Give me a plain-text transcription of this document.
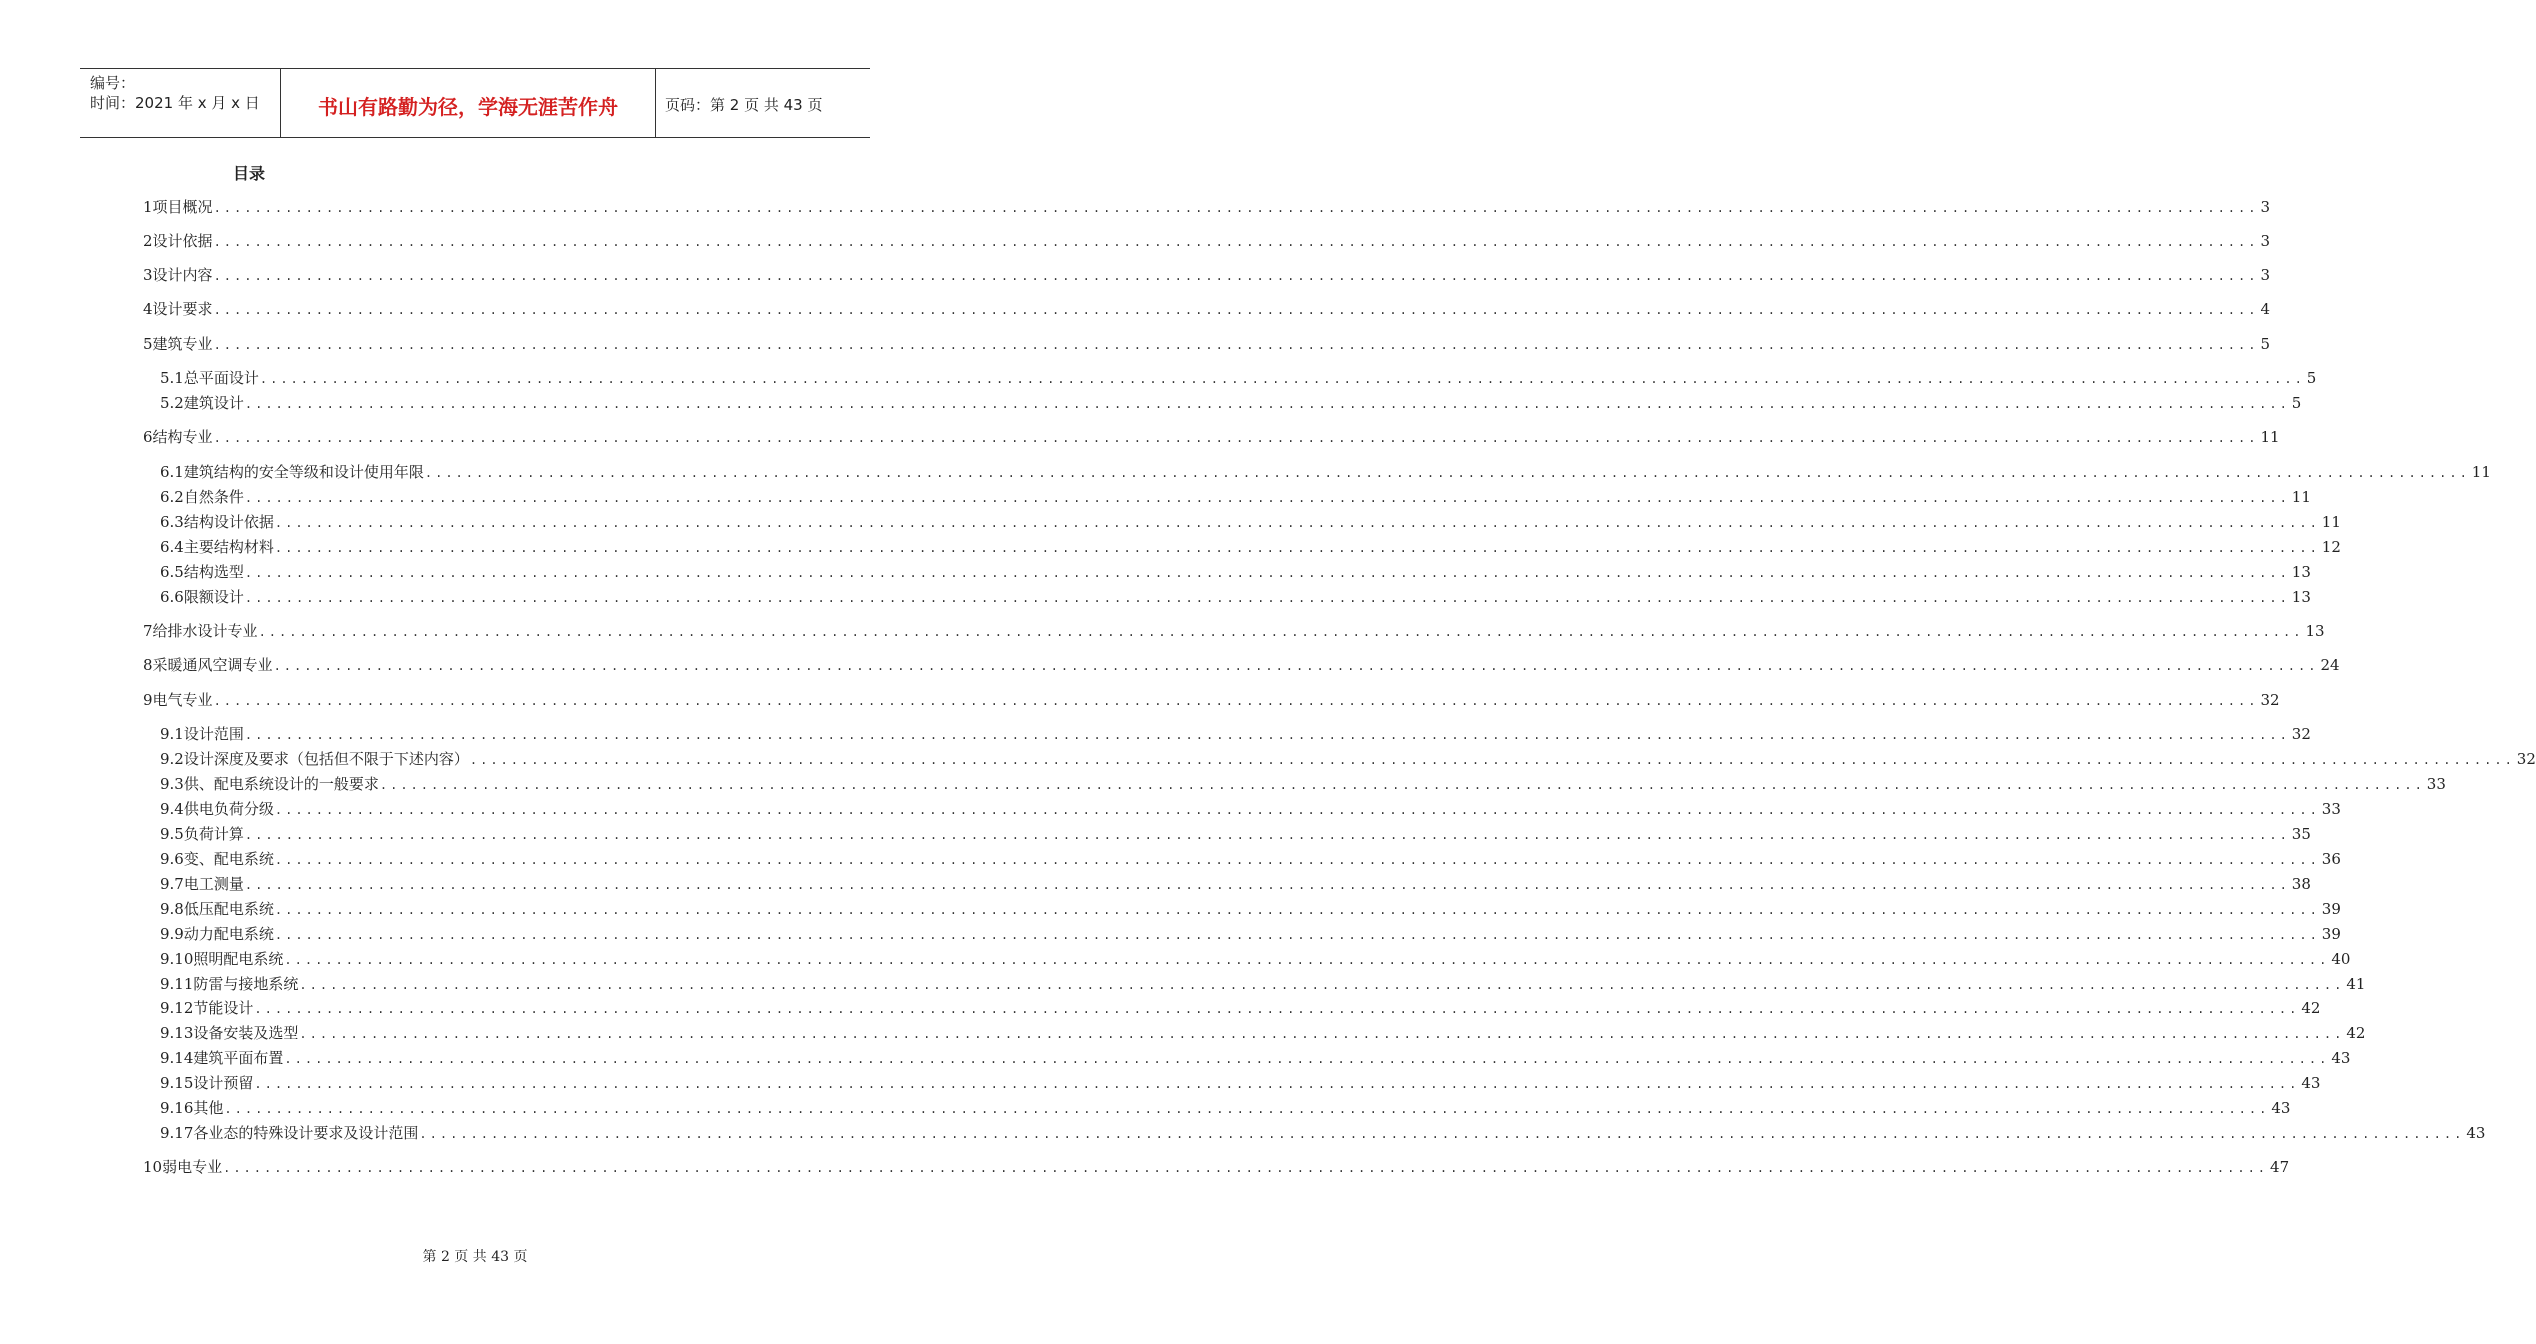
编号：
时间：2021 年 x 月 x 日	书山有路勤为径，学海无涯苦作舟	页码：第 2 页 共 43 页
目录
1 项目概况 ........................................................................................................................................................................................................ 3
2 设计依据 ........................................................................................................................................................................................................ 3
3 设计内容 ........................................................................................................................................................................................................ 3
4 设计要求 ........................................................................................................................................................................................................ 4
5 建筑专业 ........................................................................................................................................................................................................ 5
5.1 总平面设计 ........................................................................................................................................................................................................ 5
5.2 建筑设计 ........................................................................................................................................................................................................ 5
6 结构专业 ........................................................................................................................................................................................................ 11
6.1 建筑结构的安全等级和设计使用年限 ........................................................................................................................................................................................................ 11
6.2 自然条件 ........................................................................................................................................................................................................ 11
6.3 结构设计依据 ........................................................................................................................................................................................................ 11
6.4 主要结构材料 ........................................................................................................................................................................................................ 12
6.5 结构选型 ........................................................................................................................................................................................................ 13
6.6 限额设计 ........................................................................................................................................................................................................ 13
7 给排水设计专业 ........................................................................................................................................................................................................ 13
8 采暖通风空调专业 ........................................................................................................................................................................................................ 24
9 电气专业 ........................................................................................................................................................................................................ 32
9.1 设计范围 ........................................................................................................................................................................................................ 32
9.2 设计深度及要求（包括但不限于下述内容） ........................................................................................................................................................................................................ 32
9.3 供、配电系统设计的一般要求 ........................................................................................................................................................................................................ 33
9.4 供电负荷分级 ........................................................................................................................................................................................................ 33
9.5 负荷计算 ........................................................................................................................................................................................................ 35
9.6 变、配电系统 ........................................................................................................................................................................................................ 36
9.7 电工测量 ........................................................................................................................................................................................................ 38
9.8 低压配电系统 ........................................................................................................................................................................................................ 39
9.9 动力配电系统 ........................................................................................................................................................................................................ 39
9.10 照明配电系统 ........................................................................................................................................................................................................ 40
9.11 防雷与接地系统 ........................................................................................................................................................................................................ 41
9.12 节能设计 ........................................................................................................................................................................................................ 42
9.13 设备安装及选型 ........................................................................................................................................................................................................ 42
9.14 建筑平面布置 ........................................................................................................................................................................................................ 43
9.15 设计预留 ........................................................................................................................................................................................................ 43
9.16 其他 ........................................................................................................................................................................................................ 43
9.17 各业态的特殊设计要求及设计范围 ........................................................................................................................................................................................................ 43
10 弱电专业 ........................................................................................................................................................................................................ 47
第 2 页 共 43 页
